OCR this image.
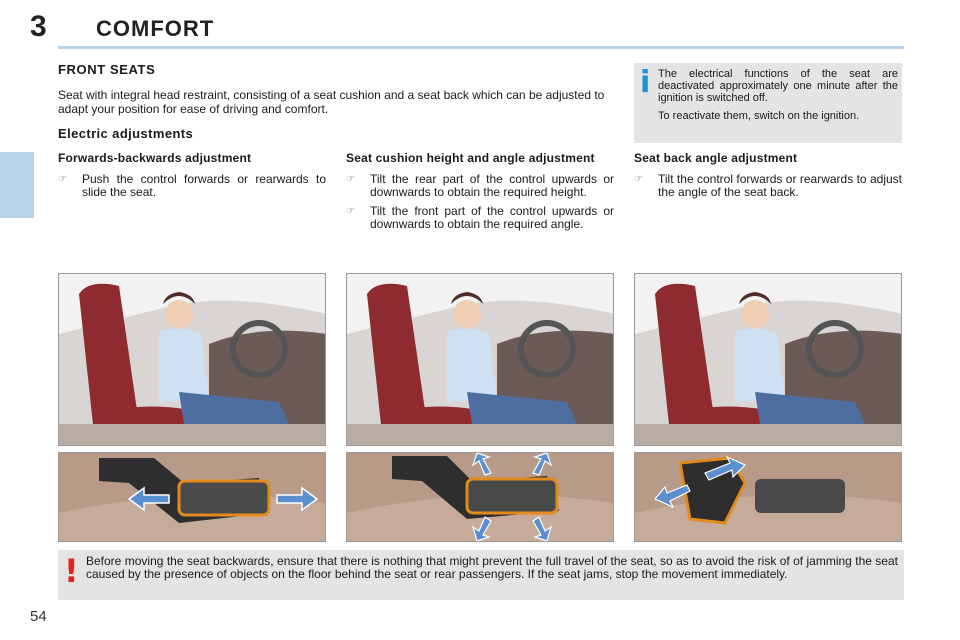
3 COMFORT
FRONT SEATS
Seat with integral head restraint, consisting of a seat cushion and a seat back which can be adjusted to adapt your position for ease of driving and comfort.
Electric adjustments
i The electrical functions of the seat are deactivated approximately one minute after the ignition is switched off.

To reactivate them, switch on the ignition.

Forwards-backwards adjustment
☞ Push the control forwards or rearwards to slide the seat.
Seat cushion height and angle adjustment
☞ Tilt the rear part of the control upwards or downwards to obtain the required height.
☞ Tilt the front part of the control upwards or downwards to obtain the required angle.
Seat back angle adjustment
☞ Tilt the control forwards or rearwards to adjust the angle of the seat back.
! Before moving the seat backwards, ensure that there is nothing that might prevent the full travel of the seat, so as to avoid the risk of of jamming the seat caused by the presence of objects on the floor behind the seat or rear passengers. If the seat jams, stop the movement immediately.
54
